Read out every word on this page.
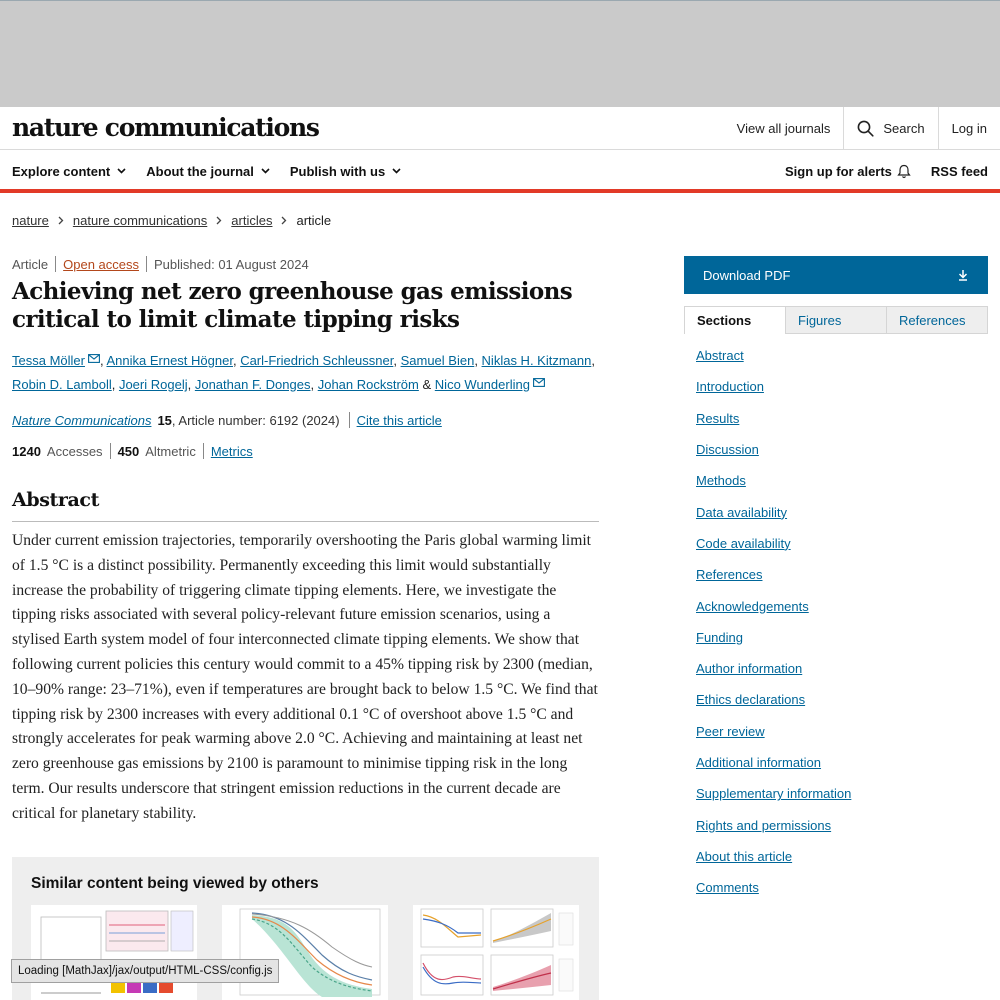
nature communications	View all journals	Search	Log in
Explore content	About the journal	Publish with us	Sign up for alerts	RSS feed
nature nature communications articles article
Article Open access Published: 01 August 2024
Achieving net zero greenhouse gas emissions critical to limit climate tipping risks
Tessa Möller , Annika Ernest Högner, Carl-Friedrich Schleussner, Samuel Bien, Niklas H. Kitzmann,
Robin D. Lamboll, Joeri Rogelj, Jonathan F. Donges, Johan Rockström & Nico Wunderling
Nature Communications 15 , Article number: 6192 (2024) Cite this article
1240 Accesses 450 Altmetric Metrics
Abstract

Under current emission trajectories, temporarily overshooting the Paris global warming limit of 1.5 °C is a distinct possibility. Permanently exceeding this limit would substantially increase the probability of triggering climate tipping elements. Here, we investigate the tipping risks associated with several policy-relevant future emission scenarios, using a stylised Earth system model of four interconnected climate tipping elements. We show that following current policies this century would commit to a 45% tipping risk by 2300 (median, 10–90% range: 23–71%), even if temperatures are brought back to below 1.5 °C. We find that tipping risk by 2300 increases with every additional 0.1 °C of overshoot above 1.5 °C and strongly accelerates for peak warming above 2.0 °C. Achieving and maintaining at least net zero greenhouse gas emissions by 2100 is paramount to minimise tipping risk in the long term. Our results underscore that stringent emission reductions in the current decade are critical for planetary stability.

Similar content being viewed by others
Loading [MathJax]/jax/output/HTML-CSS/config.js
Download PDF
Sections	Figures	References
Abstract
Introduction
Results
Discussion
Methods
Data availability
Code availability
References
Acknowledgements
Funding
Author information
Ethics declarations
Peer review
Additional information
Supplementary information
Rights and permissions
About this article
Comments
